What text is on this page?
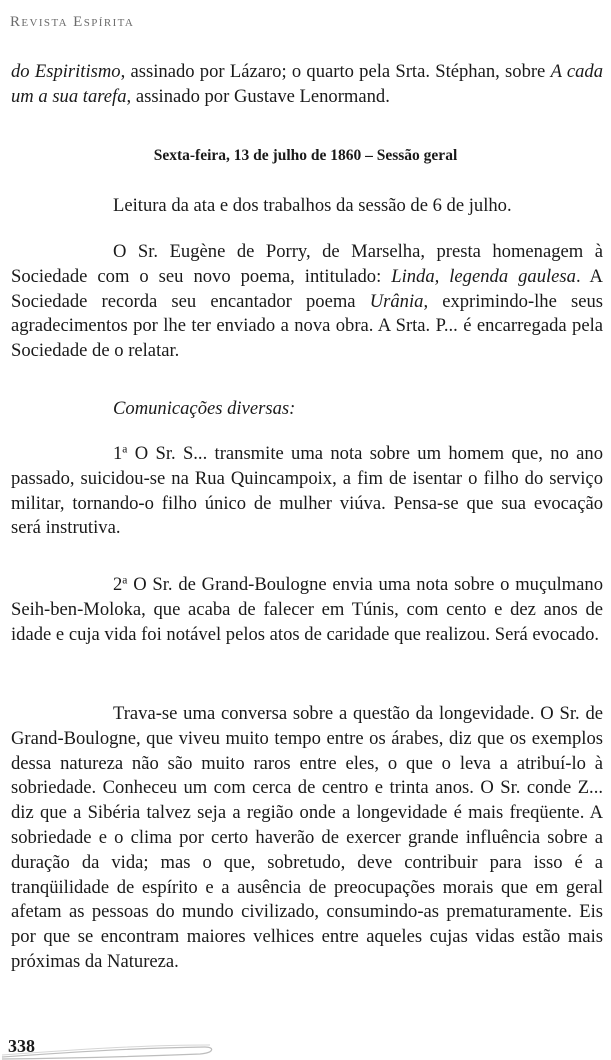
Revista Espírita

do Espiritismo, assinado por Lázaro; o quarto pela Srta. Stéphan, sobre A cada um a sua tarefa, assinado por Gustave Lenormand.

Sexta-feira, 13 de julho de 1860 – Sessão geral

Leitura da ata e dos trabalhos da sessão de 6 de julho.

O Sr. Eugène de Porry, de Marselha, presta homenagem à Sociedade com o seu novo poema, intitulado: Linda, legenda gaulesa. A Sociedade recorda seu encantador poema Urânia, exprimindo-lhe seus agradecimentos por lhe ter enviado a nova obra. A Srta. P... é encarregada pela Sociedade de o relatar.

Comunicações diversas:

1$^a$ O Sr. S... transmite uma nota sobre um homem que, no ano passado, suicidou-se na Rua Quincampoix, a fim de isentar o filho do serviço militar, tornando-o filho único de mulher viúva. Pensa-se que sua evocação será instrutiva.

2$^a$ O Sr. de Grand-Boulogne envia uma nota sobre o muçulmano Seih-ben-Moloka, que acaba de falecer em Túnis, com cento e dez anos de idade e cuja vida foi notável pelos atos de caridade que realizou. Será evocado.

Trava-se uma conversa sobre a questão da longevidade. O Sr. de Grand-Boulogne, que viveu muito tempo entre os árabes, diz que os exemplos dessa natureza não são muito raros entre eles, o que o leva a atribuí-lo à sobriedade. Conheceu um com cerca de centro e trinta anos. O Sr. conde Z... diz que a Sibéria talvez seja a região onde a longevidade é mais freqüente. A sobriedade e o clima por certo haverão de exercer grande influência sobre a duração da vida; mas o que, sobretudo, deve contribuir para isso é a tranqüilidade de espírito e a ausência de preocupações morais que em geral afetam as pessoas do mundo civilizado, consumindo-as prematuramente. Eis por que se encontram maiores velhices entre aqueles cujas vidas estão mais próximas da Natureza.

338
